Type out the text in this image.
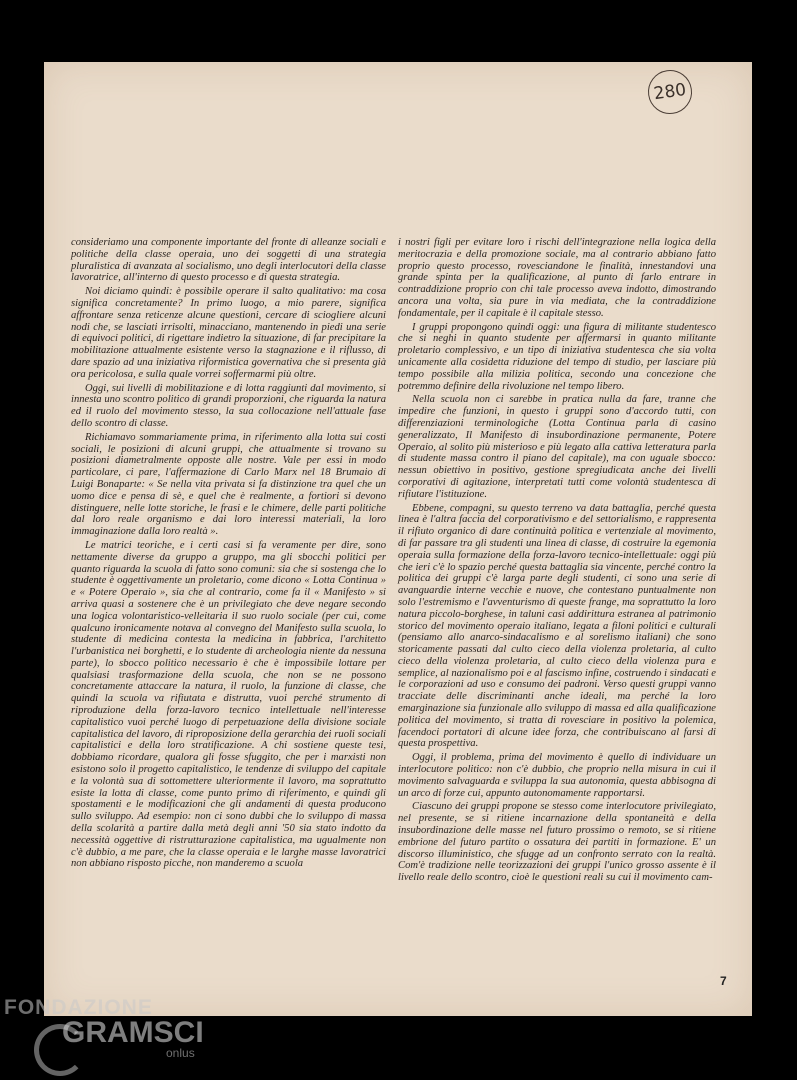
280

consideriamo una componente importante del fronte di alleanze sociali e politiche della classe operaia, uno dei soggetti di una strategia pluralistica di avanzata al socialismo, uno degli interlocutori della classe lavoratrice, all'interno di questo processo e di questa strategia.

Noi diciamo quindi: è possibile operare il salto qualitativo: ma cosa significa concretamente? In primo luogo, a mio parere, significa affrontare senza reticenze alcune questioni, cercare di sciogliere alcuni nodi che, se lasciati irrisolti, minacciano, mantenendo in piedi una serie di equivoci politici, di rigettare indietro la situazione, di far precipitare la mobilitazione attualmente esistente verso la stagnazione e il riflusso, di dare spazio ad una iniziativa riformistica governativa che si presenta già ora pericolosa, e sulla quale vorrei soffermarmi più oltre.

Oggi, sui livelli di mobilitazione e di lotta raggiunti dal movimento, si innesta uno scontro politico di grandi proporzioni, che riguarda la natura ed il ruolo del movimento stesso, la sua collocazione nell'attuale fase dello scontro di classe.

Richiamavo sommariamente prima, in riferimento alla lotta sui costi sociali, le posizioni di alcuni gruppi, che attualmente si trovano su posizioni diametralmente opposte alle nostre. Vale per essi in modo particolare, ci pare, l'affermazione di Carlo Marx nel 18 Brumaio di Luigi Bonaparte: « Se nella vita privata si fa distinzione tra quel che un uomo dice e pensa di sè, e quel che è realmente, a fortiori si devono distinguere, nelle lotte storiche, le frasi e le chimere, delle parti politiche dal loro reale organismo e dai loro interessi materiali, la loro immaginazione dalla loro realtà ».

Le matrici teoriche, e i certi casi si fa veramente per dire, sono nettamente diverse da gruppo a gruppo, ma gli sbocchi politici per quanto riguarda la scuola di fatto sono comuni: sia che si sostenga che lo studente è oggettivamente un proletario, come dicono « Lotta Continua » e « Potere Operaio », sia che al contrario, come fa il « Manifesto » si arriva quasi a sostenere che è un privilegiato che deve negare secondo una logica volontaristico-velleitaria il suo ruolo sociale (per cui, come qualcuno ironicamente notava al convegno del Manifesto sulla scuola, lo studente di medicina contesta la medicina in fabbrica, l'architetto l'urbanistica nei borghetti, e lo studente di archeologia niente da nessuna parte), lo sbocco politico necessario è che è impossibile lottare per qualsiasi trasformazione della scuola, che non se ne possono concretamente attaccare la natura, il ruolo, la funzione di classe, che quindi la scuola va rifiutata e distrutta, vuoi perché strumento di riproduzione della forza-lavoro tecnico intellettuale nell'interesse capitalistico vuoi perché luogo di perpetuazione della divisione sociale capitalistica del lavoro, di riproposizione della gerarchia dei ruoli sociali capitalistici e della loro stratificazione. A chi sostiene queste tesi, dobbiamo ricordare, qualora gli fosse sfuggito, che per i marxisti non esistono solo il progetto capitalistico, le tendenze di sviluppo del capitale e la volontà sua di sottomettere ulteriormente il lavoro, ma soprattutto esiste la lotta di classe, come punto primo di riferimento, e quindi gli spostamenti e le modificazioni che gli andamenti di questa producono sullo sviluppo. Ad esempio: non ci sono dubbi che lo sviluppo di massa della scolarità a partire dalla metà degli anni '50 sia stato indotto da necessità oggettive di ristrutturazione capitalistica, ma ugualmente non c'è dubbio, a me pare, che la classe operaia e le larghe masse lavoratrici non abbiano risposto picche, non manderemo a scuola

i nostri figli per evitare loro i rischi dell'integrazione nella logica della meritocrazia e della promozione sociale, ma al contrario abbiano fatto proprio questo processo, rovesciandone le finalità, innestandovi una grande spinta per la qualificazione, al punto di farlo entrare in contraddizione proprio con chi tale processo aveva indotto, dimostrando ancora una volta, sia pure in via mediata, che la contraddizione fondamentale, per il capitale è il capitale stesso.

I gruppi propongono quindi oggi: una figura di militante studentesco che si neghi in quanto studente per affermarsi in quanto militante proletario complessivo, e un tipo di iniziativa studentesca che sia volta unicamente alla cosidetta riduzione del tempo di studio, per lasciare più tempo possibile alla milizia politica, secondo una concezione che potremmo definire della rivoluzione nel tempo libero.

Nella scuola non ci sarebbe in pratica nulla da fare, tranne che impedire che funzioni, in questo i gruppi sono d'accordo tutti, con differenziazioni terminologiche (Lotta Continua parla di casino generalizzato, Il Manifesto di insubordinazione permanente, Potere Operaio, al solito più misterioso e più legato alla cattiva letteratura parla di studente massa contro il piano del capitale), ma con uguale sbocco: nessun obiettivo in positivo, gestione spregiudicata anche dei livelli corporativi di agitazione, interpretati tutti come volontà studentesca di rifiutare l'istituzione.

Ebbene, compagni, su questo terreno va data battaglia, perché questa linea è l'altra faccia del corporativismo e del settorialismo, e rappresenta il rifiuto organico di dare continuità politica e vertenziale al movimento, di far passare tra gli studenti una linea di classe, di costruire la egemonia operaia sulla formazione della forza-lavoro tecnico-intellettuale: oggi più che ieri c'è lo spazio perché questa battaglia sia vincente, perché contro la politica dei gruppi c'è larga parte degli studenti, ci sono una serie di avanguardie interne vecchie e nuove, che contestano puntualmente non solo l'estremismo e l'avventurismo di queste frange, ma soprattutto la loro natura piccolo-borghese, in taluni casi addirittura estranea al patrimonio storico del movimento operaio italiano, legata a filoni politici e culturali (pensiamo allo anarco-sindacalismo e al sorelismo italiani) che sono storicamente passati dal culto cieco della violenza proletaria, al culto cieco della violenza proletaria, al culto cieco della violenza pura e semplice, al nazionalismo poi e al fascismo infine, costruendo i sindacati e le corporazioni ad uso e consumo dei padroni. Verso questi gruppi vanno tracciate delle discriminanti anche ideali, ma perché la loro emarginazione sia funzionale allo sviluppo di massa ed alla qualificazione politica del movimento, si tratta di rovesciare in positivo la polemica, facendoci portatori di alcune idee forza, che contribuiscano al farsi di questa prospettiva.

Oggi, il problema, prima del movimento è quello di individuare un interlocutore politico: non c'è dubbio, che proprio nella misura in cui il movimento salvaguarda e sviluppa la sua autonomia, questa abbisogna di un arco di forze cui, appunto autonomamente rapportarsi.

Ciascuno dei gruppi propone se stesso come interlocutore privilegiato, nel presente, se si ritiene incarnazione della spontaneità e della insubordinazione delle masse nel futuro prossimo o remoto, se si ritiene embrione del futuro partito o ossatura dei partiti in formazione. E' un discorso illuministico, che sfugge ad un confronto serrato con la realtà. Com'è tradizione nelle teorizzazioni dei gruppi l'unico grosso assente è il livello reale dello scontro, cioè le questioni reali su cui il movimento cam-

7
FONDAZIONE
GRAMSCI
onlus
